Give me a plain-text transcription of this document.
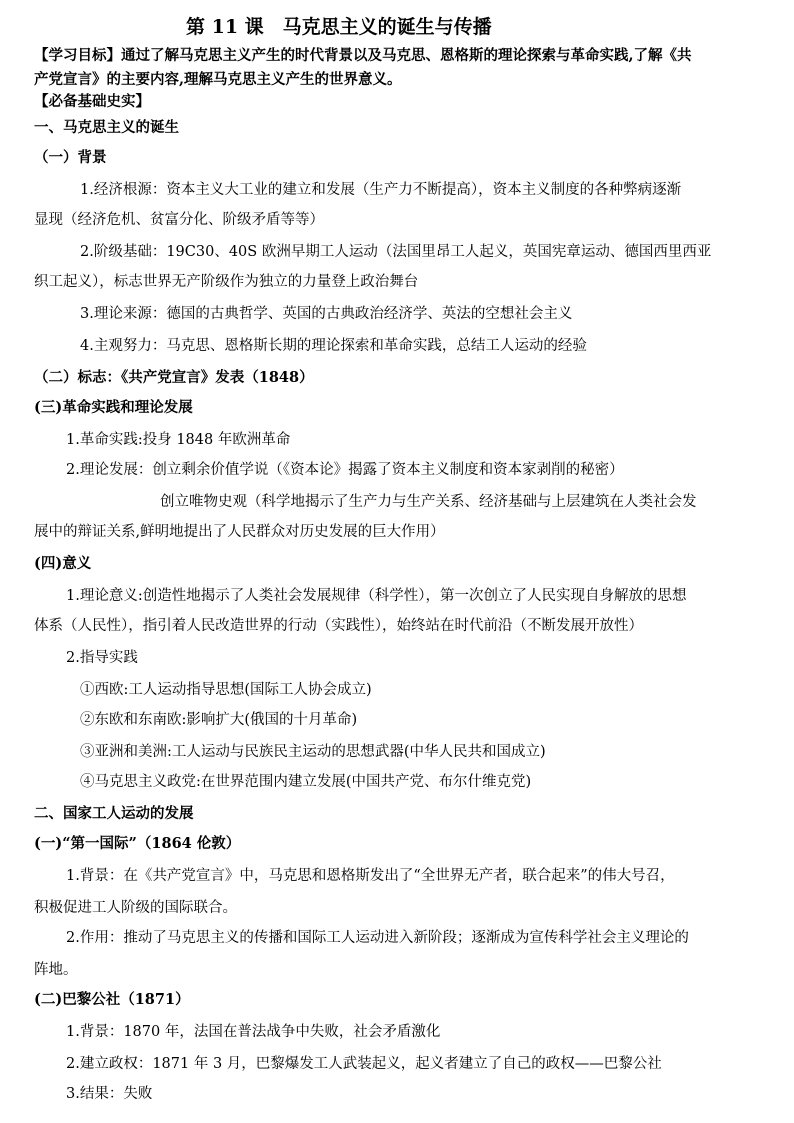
第 11 课　马克思主义的诞生与传播
【学习目标】通过了解马克思主义产生的时代背景以及马克思、恩格斯的理论探索与革命实践,了解《共
产党宣言》的主要内容,理解马克思主义产生的世界意义。
【必备基础史实】
一、马克思主义的诞生
（一）背景
1.经济根源：资本主义大工业的建立和发展（生产力不断提高），资本主义制度的各种弊病逐渐
显现（经济危机、贫富分化、阶级矛盾等等）
2.阶级基础：19C30、40S 欧洲早期工人运动（法国里昂工人起义，英国宪章运动、德国西里西亚
织工起义），标志世界无产阶级作为独立的力量登上政治舞台
3.理论来源：德国的古典哲学、英国的古典政治经济学、英法的空想社会主义
4.主观努力：马克思、恩格斯长期的理论探索和革命实践，总结工人运动的经验
（二）标志：《共产党宣言》发表（1848）
(三)革命实践和理论发展
1.革命实践:投身 1848 年欧洲革命
2.理论发展：创立剩余价值学说（《资本论》揭露了资本主义制度和资本家剥削的秘密）
创立唯物史观（科学地揭示了生产力与生产关系、经济基础与上层建筑在人类社会发
展中的辩证关系,鲜明地提出了人民群众对历史发展的巨大作用）
(四)意义
1.理论意义:创造性地揭示了人类社会发展规律（科学性），第一次创立了人民实现自身解放的思想
体系（人民性），指引着人民改造世界的行动（实践性），始终站在时代前沿（不断发展开放性）
2.指导实践
①西欧:工人运动指导思想(国际工人协会成立)
②东欧和东南欧:影响扩大(俄国的十月革命)
③亚洲和美洲:工人运动与民族民主运动的思想武器(中华人民共和国成立)
④马克思主义政党:在世界范围内建立发展(中国共产党、布尔什维克党)
二、国家工人运动的发展
(一)“第一国际”（1864 伦敦）
1.背景：在《共产党宣言》中，马克思和恩格斯发出了“全世界无产者，联合起来”的伟大号召，
积极促进工人阶级的国际联合。
2.作用：推动了马克思主义的传播和国际工人运动进入新阶段；逐渐成为宣传科学社会主义理论的
阵地。
(二)巴黎公社（1871）
1.背景：1870 年，法国在普法战争中失败，社会矛盾激化
2.建立政权：1871 年 3 月，巴黎爆发工人武装起义，起义者建立了自己的政权——巴黎公社
3.结果：失败
